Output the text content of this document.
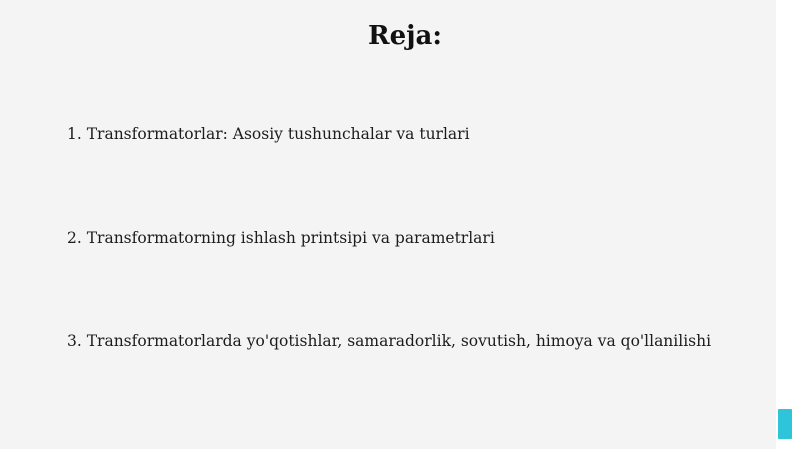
Reja:

1. Transformatorlar: Asosiy tushunchalar va turlari

2. Transformatorning ishlash printsipi va parametrlari

3. Transformatorlarda yo'qotishlar, samaradorlik, sovutish, himoya va qo'llanilishi
